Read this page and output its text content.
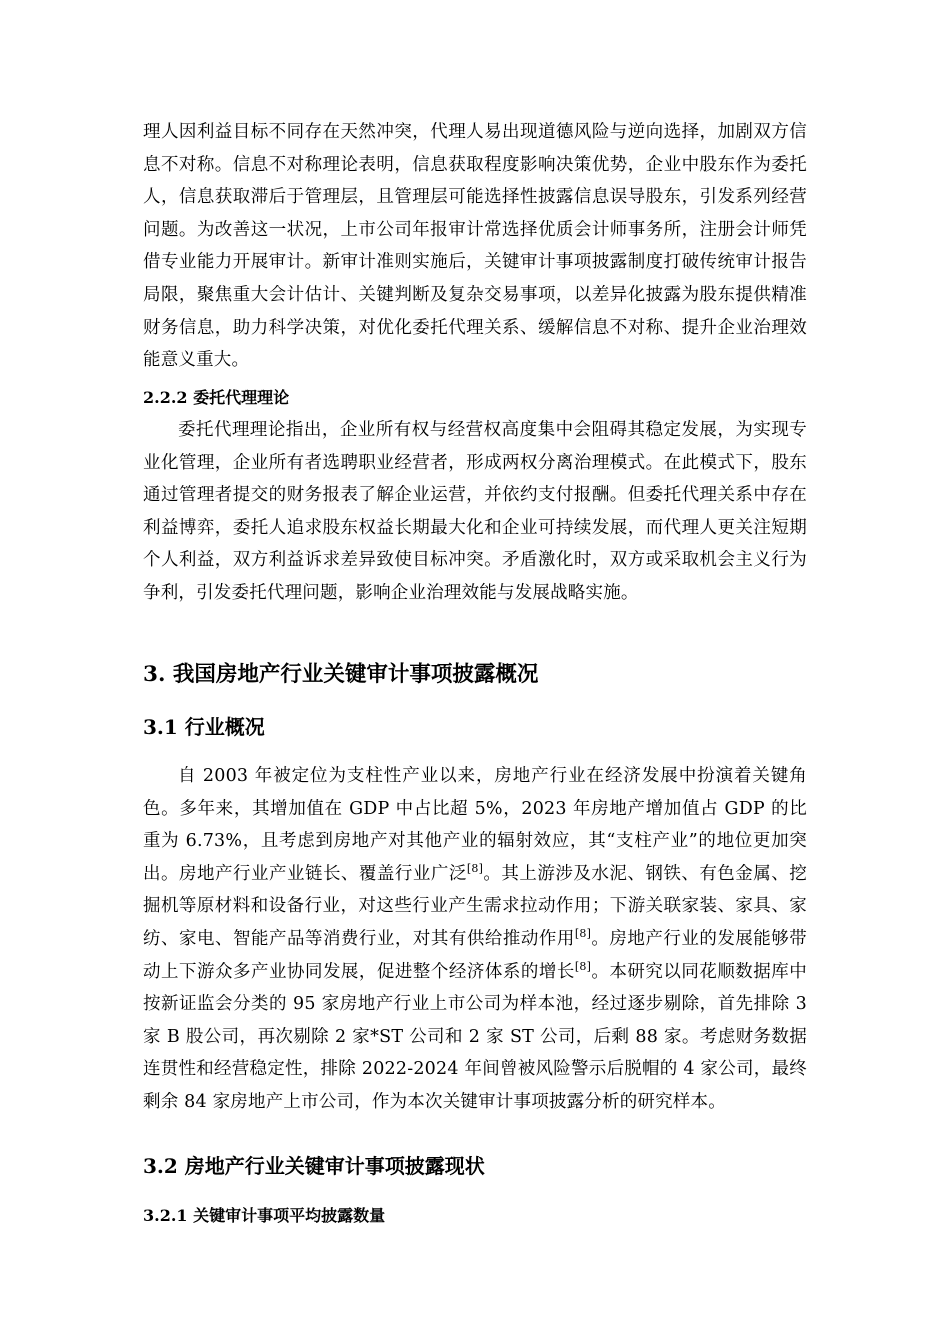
理人因利益目标不同存在天然冲突，代理人易出现道德风险与逆向选择，加剧双方信息不对称。信息不对称理论表明，信息获取程度影响决策优势，企业中股东作为委托人，信息获取滞后于管理层，且管理层可能选择性披露信息误导股东，引发系列经营问题。为改善这一状况，上市公司年报审计常选择优质会计师事务所，注册会计师凭借专业能力开展审计。新审计准则实施后，关键审计事项披露制度打破传统审计报告局限，聚焦重大会计估计、关键判断及复杂交易事项，以差异化披露为股东提供精准财务信息，助力科学决策，对优化委托代理关系、缓解信息不对称、提升企业治理效能意义重大。
2.2.2 委托代理理论
委托代理理论指出，企业所有权与经营权高度集中会阻碍其稳定发展，为实现专业化管理，企业所有者选聘职业经营者，形成两权分离治理模式。在此模式下，股东通过管理者提交的财务报表了解企业运营，并依约支付报酬。但委托代理关系中存在利益博弈，委托人追求股东权益长期最大化和企业可持续发展，而代理人更关注短期个人利益，双方利益诉求差异致使目标冲突。矛盾激化时，双方或采取机会主义行为争利，引发委托代理问题，影响企业治理效能与发展战略实施。
3. 我国房地产行业关键审计事项披露概况
3.1 行业概况
自 2003 年被定位为支柱性产业以来，房地产行业在经济发展中扮演着关键角色。多年来，其增加值在 GDP 中占比超 5%，2023 年房地产增加值占 GDP 的比重为 6.73%，且考虑到房地产对其他产业的辐射效应，其“支柱产业”的地位更加突出。房地产行业产业链长、覆盖行业广泛[8]。其上游涉及水泥、钢铁、有色金属、挖掘机等原材料和设备行业，对这些行业产生需求拉动作用；下游关联家装、家具、家纺、家电、智能产品等消费行业，对其有供给推动作用[8]。房地产行业的发展能够带动上下游众多产业协同发展，促进整个经济体系的增长[8]。本研究以同花顺数据库中按新证监会分类的 95 家房地产行业上市公司为样本池，经过逐步剔除，首先排除 3 家 B 股公司，再次剔除 2 家*ST 公司和 2 家 ST 公司，后剩 88 家。考虑财务数据连贯性和经营稳定性，排除 2022-2024 年间曾被风险警示后脱帽的 4 家公司，最终剩余 84 家房地产上市公司，作为本次关键审计事项披露分析的研究样本。
3.2 房地产行业关键审计事项披露现状
3.2.1 关键审计事项平均披露数量
